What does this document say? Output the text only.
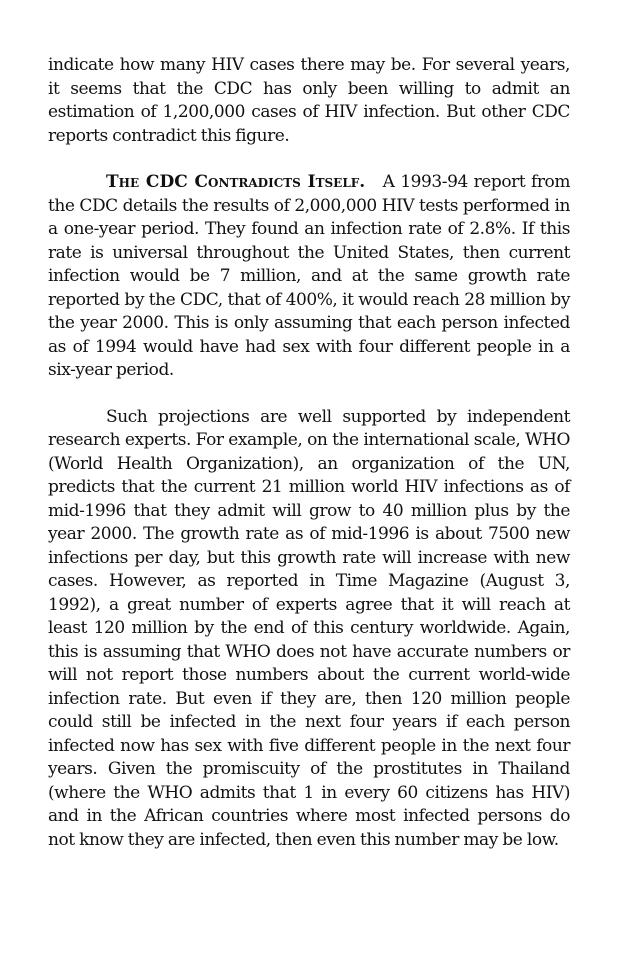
indicate how many HIV cases there may be. For several years, it seems that the CDC has only been willing to admit an estimation of 1,200,000 cases of HIV infection. But other CDC reports contradict this figure.

The CDC Contradicts Itself. A 1993-94 report from the CDC details the results of 2,000,000 HIV tests performed in a one-year period. They found an infection rate of 2.8%. If this rate is universal throughout the United States, then current infection would be 7 million, and at the same growth rate reported by the CDC, that of 400%, it would reach 28 million by the year 2000. This is only assuming that each person infected as of 1994 would have had sex with four different people in a six-year period.

Such projections are well supported by independent research experts. For example, on the international scale, WHO (World Health Organization), an organization of the UN, predicts that the current 21 million world HIV infections as of mid-1996 that they admit will grow to 40 million plus by the year 2000. The growth rate as of mid-1996 is about 7500 new infections per day, but this growth rate will increase with new cases. However, as reported in Time Magazine (August 3, 1992), a great number of experts agree that it will reach at least 120 million by the end of this century worldwide. Again, this is assuming that WHO does not have accurate numbers or will not report those numbers about the current world-wide infection rate. But even if they are, then 120 million people could still be infected in the next four years if each person infected now has sex with five different people in the next four years. Given the promiscuity of the prostitutes in Thailand (where the WHO admits that 1 in every 60 citizens has HIV) and in the African countries where most infected persons do not know they are infected, then even this number may be low.
